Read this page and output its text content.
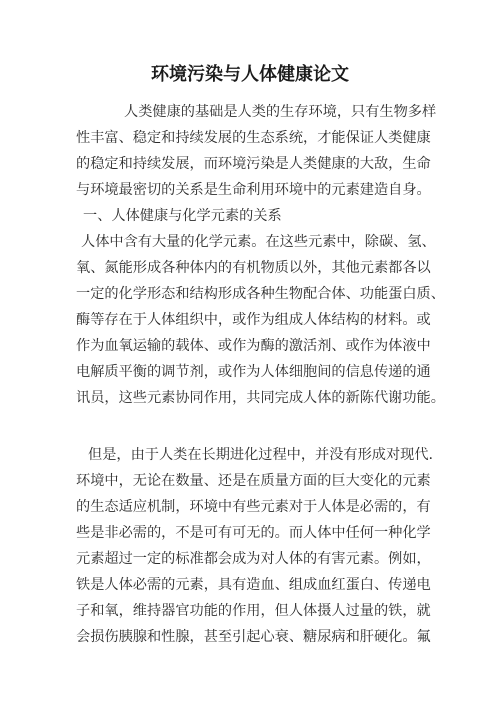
环境污染与人体健康论文

人类健康的基础是人类的生存环境，只有生物多样

性丰富、稳定和持续发展的生态系统，才能保证人类健康

的稳定和持续发展，而环境污染是人类健康的大敌，生命

与环境最密切的关系是生命利用环境中的元素建造自身。

一、人体健康与化学元素的关系

人体中含有大量的化学元素。在这些元素中，除碳、氢、

氧、氮能形成各种体内的有机物质以外，其他元素都各以

一定的化学形态和结构形成各种生物配合体、功能蛋白质、

酶等存在于人体组织中，或作为组成人体结构的材料。或

作为血氧运输的载体、或作为酶的激活剂、或作为体液中

电解质平衡的调节剂，或作为人体细胞间的信息传递的通

讯员，这些元素协同作用，共同完成人体的新陈代谢功能。

但是，由于人类在长期进化过程中，并没有形成对现代.

环境中，无论在数量、还是在质量方面的巨大变化的元素

的生态适应机制，环境中有些元素对于人体是必需的，有

些是非必需的，不是可有可无的。而人体中任何一种化学

元素超过一定的标准都会成为对人体的有害元素。例如，

铁是人体必需的元素，具有造血、组成血红蛋白、传递电

子和氧，维持器官功能的作用，但人体摄人过量的铁，就

会损伤胰腺和性腺，甚至引起心衰、糖尿病和肝硬化。氟
